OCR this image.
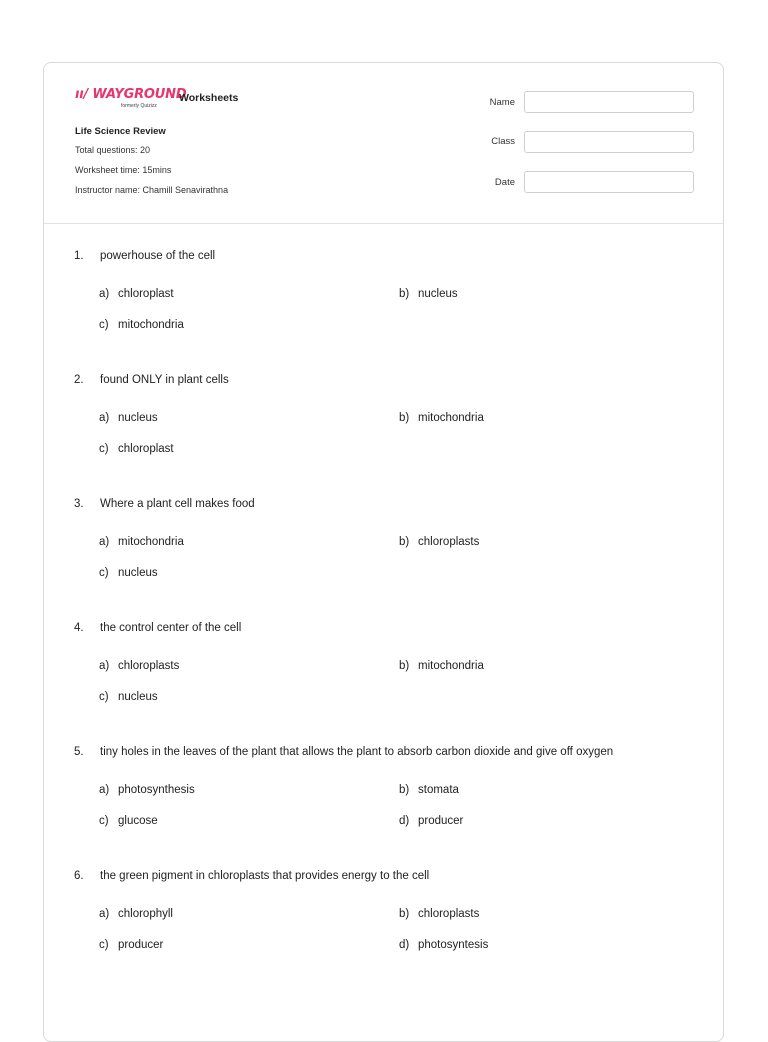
ıı/ WAYGROUND
formerly Quizizz
Worksheets
Life Science Review
Total questions: 20
Worksheet time: 15mins
Instructor name: Chamill Senavirathna
Name
Class
Date
1. powerhouse of the cell
a) chloroplast	b) nucleus
c) mitochondria
2. found ONLY in plant cells
a) nucleus	b) mitochondria
c) chloroplast
3. Where a plant cell makes food
a) mitochondria	b) chloroplasts
c) nucleus
4. the control center of the cell
a) chloroplasts	b) mitochondria
c) nucleus
5. tiny holes in the leaves of the plant that allows the plant to absorb carbon dioxide and give off oxygen
a) photosynthesis	b) stomata
c) glucose	d) producer
6. the green pigment in chloroplasts that provides energy to the cell
a) chlorophyll	b) chloroplasts
c) producer	d) photosyntesis
